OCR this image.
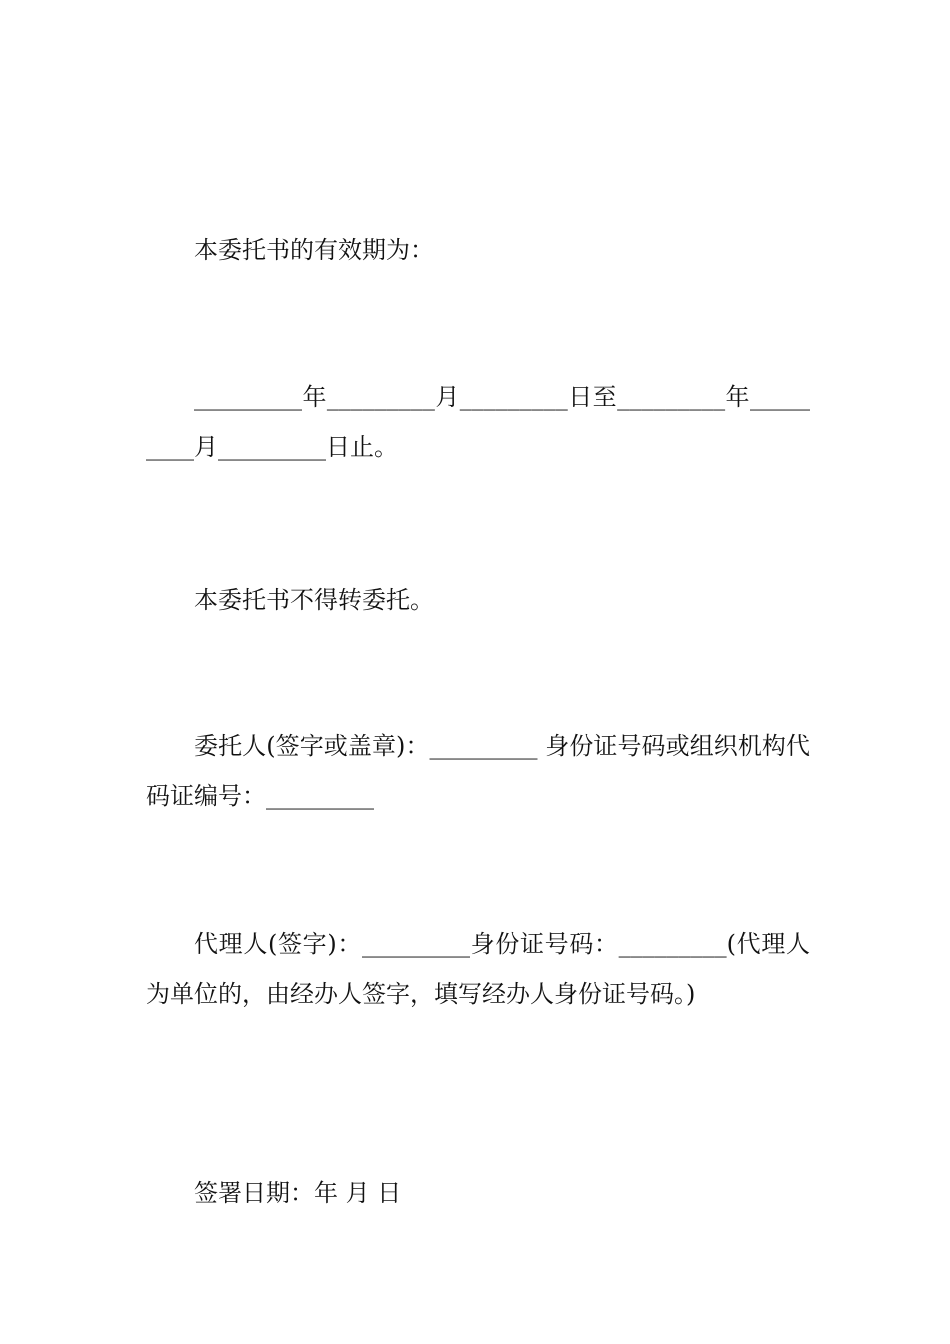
本委托书的有效期为：

_________年_________月_________日至_________年_________月_________日止。

本委托书不得转委托。

委托人(签字或盖章)：_________ 身份证号码或组织机构代码证编号：_________

代理人(签字)：_________身份证号码：_________(代理人为单位的，由经办人签字，填写经办人身份证号码。)

签署日期：年 月 日
